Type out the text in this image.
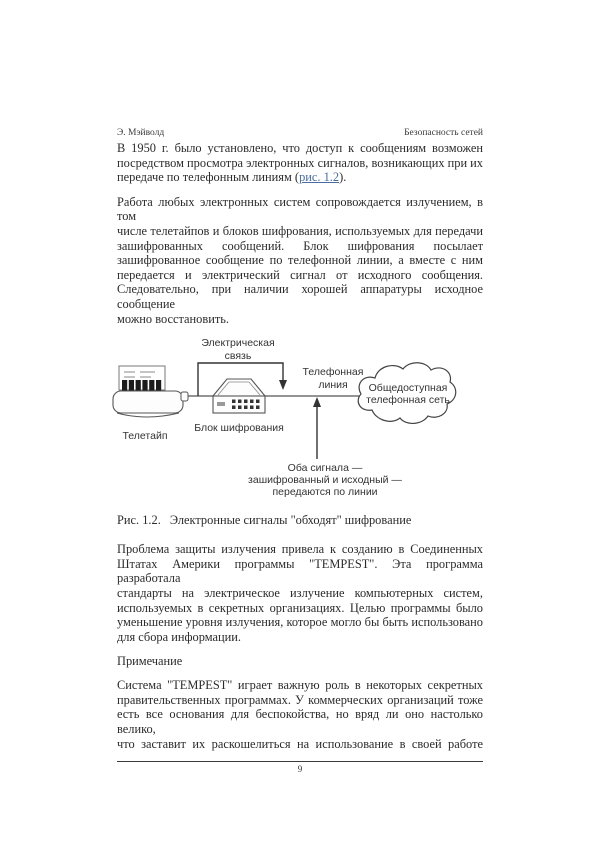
Э. Мэйволд	Безопасность сетей
В 1950 г. было установлено, что доступ к сообщениям возможен
посредством просмотра электронных сигналов, возникающих при их
передаче по телефонным линиям (рис. 1.2).
Работа любых электронных систем сопровождается излучением, в том
числе телетайпов и блоков шифрования, используемых для передачи
зашифрованных сообщений. Блок шифрования посылает
зашифрованное сообщение по телефонной линии, а вместе с ним
передается и электрический сигнал от исходного сообщения.
Следовательно, при наличии хорошей аппаратуры исходное сообщение
можно восстановить.
Электрическая
связь
Телефонная
линия	Общедоступная
телефонная сеть
Телетайп
Блок шифрования
Оба сигнала —
зашифрованный и исходный —
передаются по линии
Рис. 1.2. Электронные сигналы "обходят" шифрование
Проблема защиты излучения привела к созданию в Соединенных
Штатах Америки программы "TEMPEST". Эта программа разработала
стандарты на электрическое излучение компьютерных систем,
используемых в секретных организациях. Целью программы было
уменьшение уровня излучения, которое могло бы быть использовано
для сбора информации.
Примечание
Система "TEMPEST" играет важную роль в некоторых секретных
правительственных программах. У коммерческих организаций тоже
есть все основания для беспокойства, но вряд ли оно настолько велико,
что заставит их раскошелиться на использование в своей работе
9
